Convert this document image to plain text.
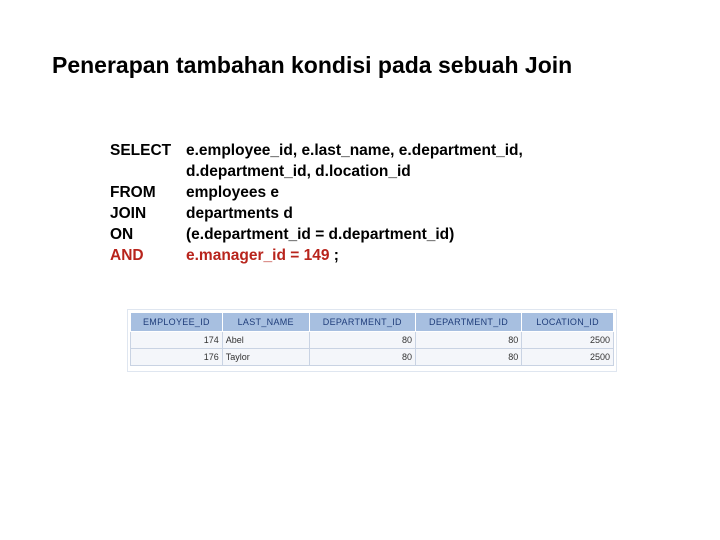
Penerapan tambahan kondisi pada sebuah Join
SELECT e.employee_id, e.last_name, e.department_id,
d.department_id, d.location_id
FROM employees e
JOIN	departments d
ON	(e.department_id = d.department_id)
AND	e.manager_id = 149 ;
EMPLOYEE_ID	LAST_NAME	DEPARTMENT_ID	DEPARTMENT_ID	LOCATION_ID
174	Abel	80	80	2500
176	Taylor	80	80	2500
